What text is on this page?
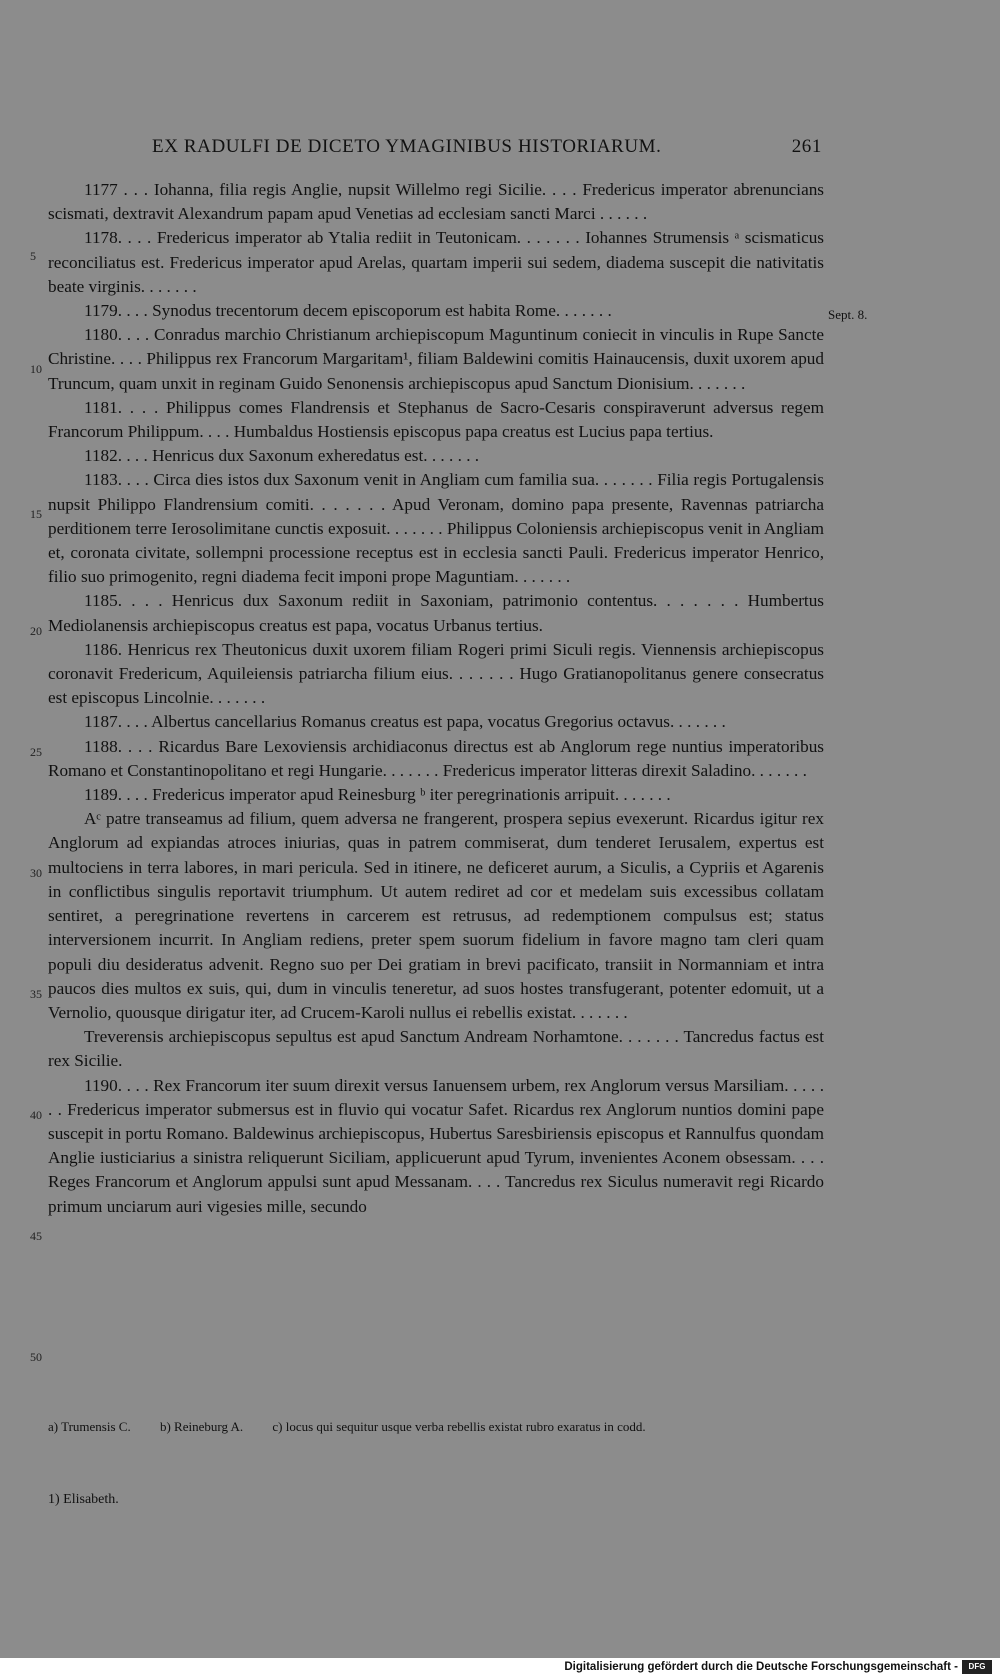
EX RADULFI DE DICETO YMAGINIBUS HISTORIARUM.	261
5
10
15
20
25
30
35
40
45
50
Sept. 8.

1177 . . . Iohanna, filia regis Anglie, nupsit Willelmo regi Sicilie. . . . Fredericus imperator abrenuncians scismati, dextravit Alexandrum papam apud Venetias ad ecclesiam sancti Marci . . . . . .

1178. . . . Fredericus imperator ab Ytalia rediit in Teutonicam. . . . . . . Iohannes Strumensis ᵃ scismaticus reconciliatus est. Fredericus imperator apud Arelas, quartam imperii sui sedem, diadema suscepit die nativitatis beate virginis. . . . . . .

1179. . . . Synodus trecentorum decem episcoporum est habita Rome. . . . . . .

1180. . . . Conradus marchio Christianum archiepiscopum Maguntinum coniecit in vinculis in Rupe Sancte Christine. . . . Philippus rex Francorum Margaritam¹, filiam Baldewini comitis Hainaucensis, duxit uxorem apud Truncum, quam unxit in reginam Guido Senonensis archiepiscopus apud Sanctum Dionisium. . . . . . .

1181. . . . Philippus comes Flandrensis et Stephanus de Sacro-Cesaris conspiraverunt adversus regem Francorum Philippum. . . . Humbaldus Hostiensis episcopus papa creatus est Lucius papa tertius.

1182. . . . Henricus dux Saxonum exheredatus est. . . . . . .

1183. . . . Circa dies istos dux Saxonum venit in Angliam cum familia sua. . . . . . . Filia regis Portugalensis nupsit Philippo Flandrensium comiti. . . . . . . Apud Veronam, domino papa presente, Ravennas patriarcha perditionem terre Ierosolimitane cunctis exposuit. . . . . . . Philippus Coloniensis archiepiscopus venit in Angliam et, coronata civitate, sollempni processione receptus est in ecclesia sancti Pauli. Fredericus imperator Henrico, filio suo primogenito, regni diadema fecit imponi prope Maguntiam. . . . . . .

1185. . . . Henricus dux Saxonum rediit in Saxoniam, patrimonio contentus. . . . . . . Humbertus Mediolanensis archiepiscopus creatus est papa, vocatus Urbanus tertius.

1186. Henricus rex Theutonicus duxit uxorem filiam Rogeri primi Siculi regis. Viennensis archiepiscopus coronavit Fredericum, Aquileiensis patriarcha filium eius. . . . . . . Hugo Gratianopolitanus genere consecratus est episcopus Lincolnie. . . . . . .

1187. . . . Albertus cancellarius Romanus creatus est papa, vocatus Gregorius octavus. . . . . . .

1188. . . . Ricardus Bare Lexoviensis archidiaconus directus est ab Anglorum rege nuntius imperatoribus Romano et Constantinopolitano et regi Hungarie. . . . . . . Fredericus imperator litteras direxit Saladino. . . . . . .

1189. . . . Fredericus imperator apud Reinesburg ᵇ iter peregrinationis arripuit. . . . . . .

Aᶜ patre transeamus ad filium, quem adversa ne frangerent, prospera sepius evexerunt. Ricardus igitur rex Anglorum ad expiandas atroces iniurias, quas in patrem commiserat, dum tenderet Ierusalem, expertus est multociens in terra labores, in mari pericula. Sed in itinere, ne deficeret aurum, a Siculis, a Cypriis et Agarenis in conflictibus singulis reportavit triumphum. Ut autem rediret ad cor et medelam suis excessibus collatam sentiret, a peregrinatione revertens in carcerem est retrusus, ad redemptionem compulsus est; status interversionem incurrit. In Angliam rediens, preter spem suorum fidelium in favore magno tam cleri quam populi diu desideratus advenit. Regno suo per Dei gratiam in brevi pacificato, transiit in Normanniam et intra paucos dies multos ex suis, qui, dum in vinculis teneretur, ad suos hostes transfugerant, potenter edomuit, ut a Vernolio, quousque dirigatur iter, ad Crucem-Karoli nullus ei rebellis existat. . . . . . .

Treverensis archiepiscopus sepultus est apud Sanctum Andream Norhamtone. . . . . . . Tancredus factus est rex Sicilie.

1190. . . . Rex Francorum iter suum direxit versus Ianuensem urbem, rex Anglorum versus Marsiliam. . . . . . . Fredericus imperator submersus est in fluvio qui vocatur Safet. Ricardus rex Anglorum nuntios domini pape suscepit in portu Romano. Baldewinus archiepiscopus, Hubertus Saresbiriensis episcopus et Rannulfus quondam Anglie iusticiarius a sinistra reliquerunt Siciliam, applicuerunt apud Tyrum, invenientes Aconem obsessam. . . . Reges Francorum et Anglorum appulsi sunt apud Messanam. . . . Tancredus rex Siculus numeravit regi Ricardo primum unciarum auri vigesies mille, secundo

a) Trumensis C. b) Reineburg A. c) locus qui sequitur usque verba rebellis existat rubro exaratus in codd.
1) Elisabeth.
Digitalisierung gefördert durch die Deutsche Forschungsgemeinschaft -	DFG
